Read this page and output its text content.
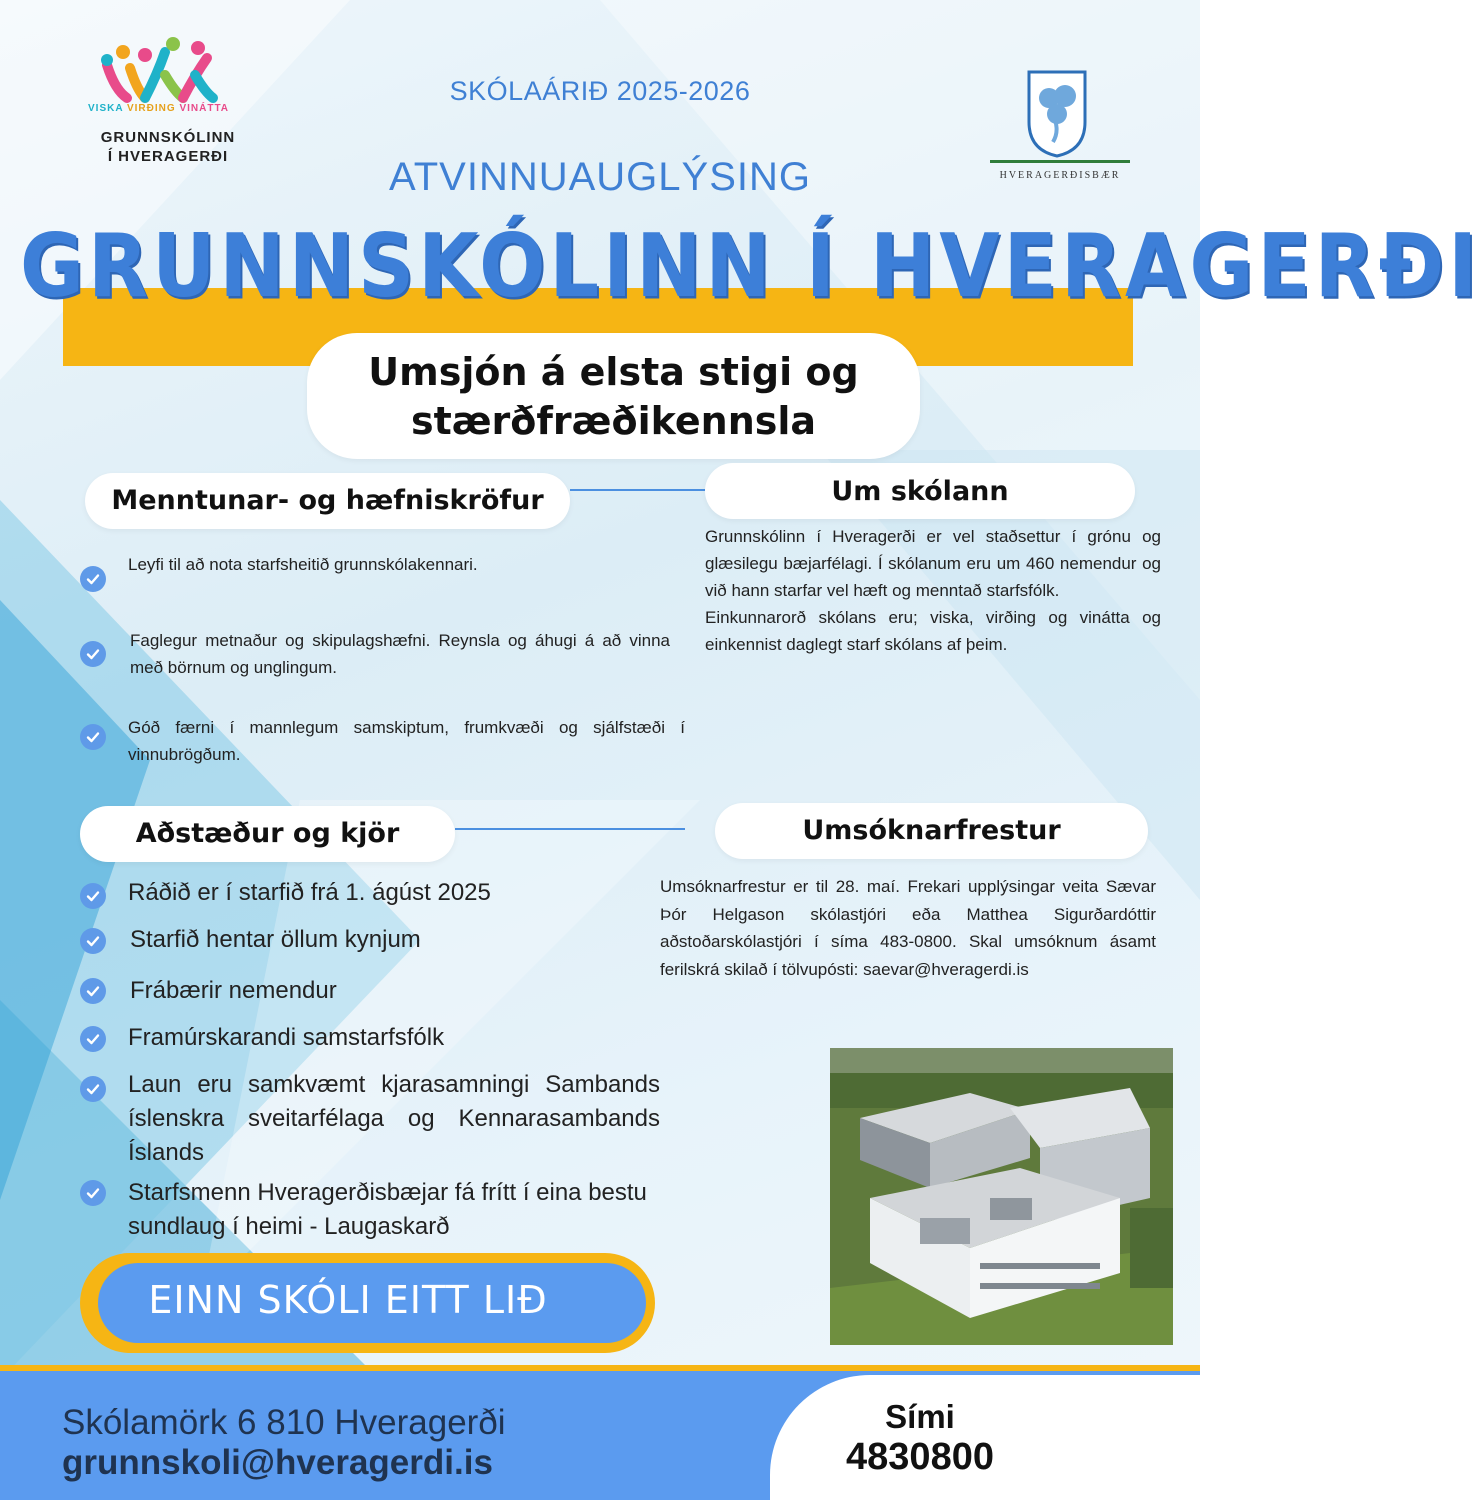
VISKA VIRÐING VINÁTTA
GRUNNSKÓLINN
Í HVERAGERÐI
HVERAGERÐISBÆR
SKÓLAÁRIÐ 2025-2026
ATVINNUAUGLÝSING
GRUNNSKÓLINN Í HVERAGERÐI
Umsjón á elsta stigi og
stærðfræðikennsla
Menntunar- og hæfniskröfur
Leyfi til að nota starfsheitið grunnskólakennari.
Faglegur metnaður og skipulagshæfni. Reynsla og áhugi á að vinna með börnum og unglingum.
Góð færni í mannlegum samskiptum, frumkvæði og sjálfstæði í vinnubrögðum.
Um skólann
Grunnskólinn í Hveragerði er vel staðsettur í grónu og glæsilegu bæjarfélagi. Í skólanum eru um 460 nemendur og við hann starfar vel hæft og menntað starfsfólk.
Einkunnarorð skólans eru; viska, virðing og vinátta og einkennist daglegt starf skólans af þeim.
Aðstæður og kjör
Ráðið er í starfið frá 1. ágúst 2025
Starfið hentar öllum kynjum
Frábærir nemendur
Framúrskarandi samstarfsfólk
Laun eru samkvæmt kjarasamningi Sambands íslenskra sveitarfélaga og Kennarasambands Íslands
Starfsmenn Hveragerðisbæjar fá frítt í eina bestu sundlaug í heimi - Laugaskarð
Umsóknarfrestur
Umsóknarfrestur er til 28. maí. Frekari upplýsingar veita Sævar Þór Helgason skólastjóri eða Matthea Sigurðardóttir aðstoðarskólastjóri í síma 483-0800. Skal umsóknum ásamt ferilskrá skilað í tölvupósti: saevar@hveragerdi.is
EINN SKÓLI EITT LIÐ
Skólamörk 6 810 Hveragerði
grunnskoli@hveragerdi.is
Sími
4830800
